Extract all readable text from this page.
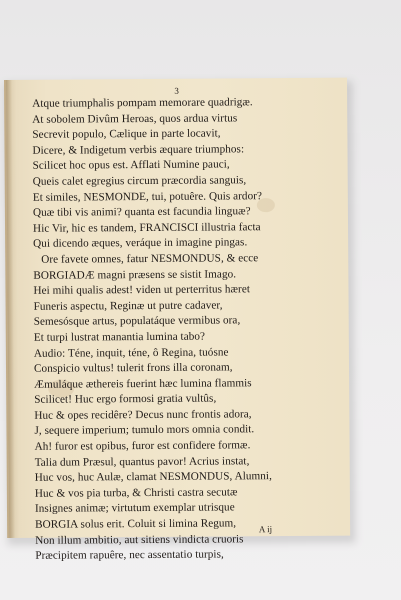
3
Atque triumphalis pompam memorare quadrigæ.
At sobolem Divûm Heroas, quos ardua virtus
Secrevit populo, Cælique in parte locavit,
Dicere, & Indigetum verbis æquare triumphos:
Scilicet hoc opus est. Afflati Numine pauci,
Queis calet egregius circum præcordia sanguis,
Et similes, NESMONDE, tui, potuêre. Quis ardor?
Quæ tibi vis animi? quanta est facundia linguæ?
Hic Vir, hic es tandem, FRANCISCI illustria facta
Qui dicendo æques, veráque in imagine pingas.
Ore favete omnes, fatur NESMONDUS, & ecce
BORGIADÆ magni præsens se sistit Imago.
Hei mihi qualis adest! viden ut perterritus hæret
Funeris aspectu, Reginæ ut putre cadaver,
Semesósque artus, populatáque vermibus ora,
Et turpi lustrat manantia lumina tabo?
Audio: Téne, inquit, téne, ô Regina, tuósne
Conspicio vultus! tulerit frons illa coronam,
Æmuláque æthereis fuerint hæc lumina flammis
Scilicet! Huc ergo formosi gratia vultûs,
Huc & opes recidêre? Decus nunc frontis adora,
J, sequere imperium; tumulo mors omnia condit.
Ah! furor est opibus, furor est confidere formæ.
Talia dum Præsul, quantus pavor! Acrius instat,
Huc vos, huc Aulæ, clamat NESMONDUS, Alumni,
Huc & vos pia turba, & Christi castra secutæ
Insignes animæ; virtutum exemplar utrisque
BORGIA solus erit. Coluit si limina Regum,
Non illum ambitio, aut sitiens vindicta cruoris
Præcipitem rapuêre, nec assentatio turpis,
A ij
